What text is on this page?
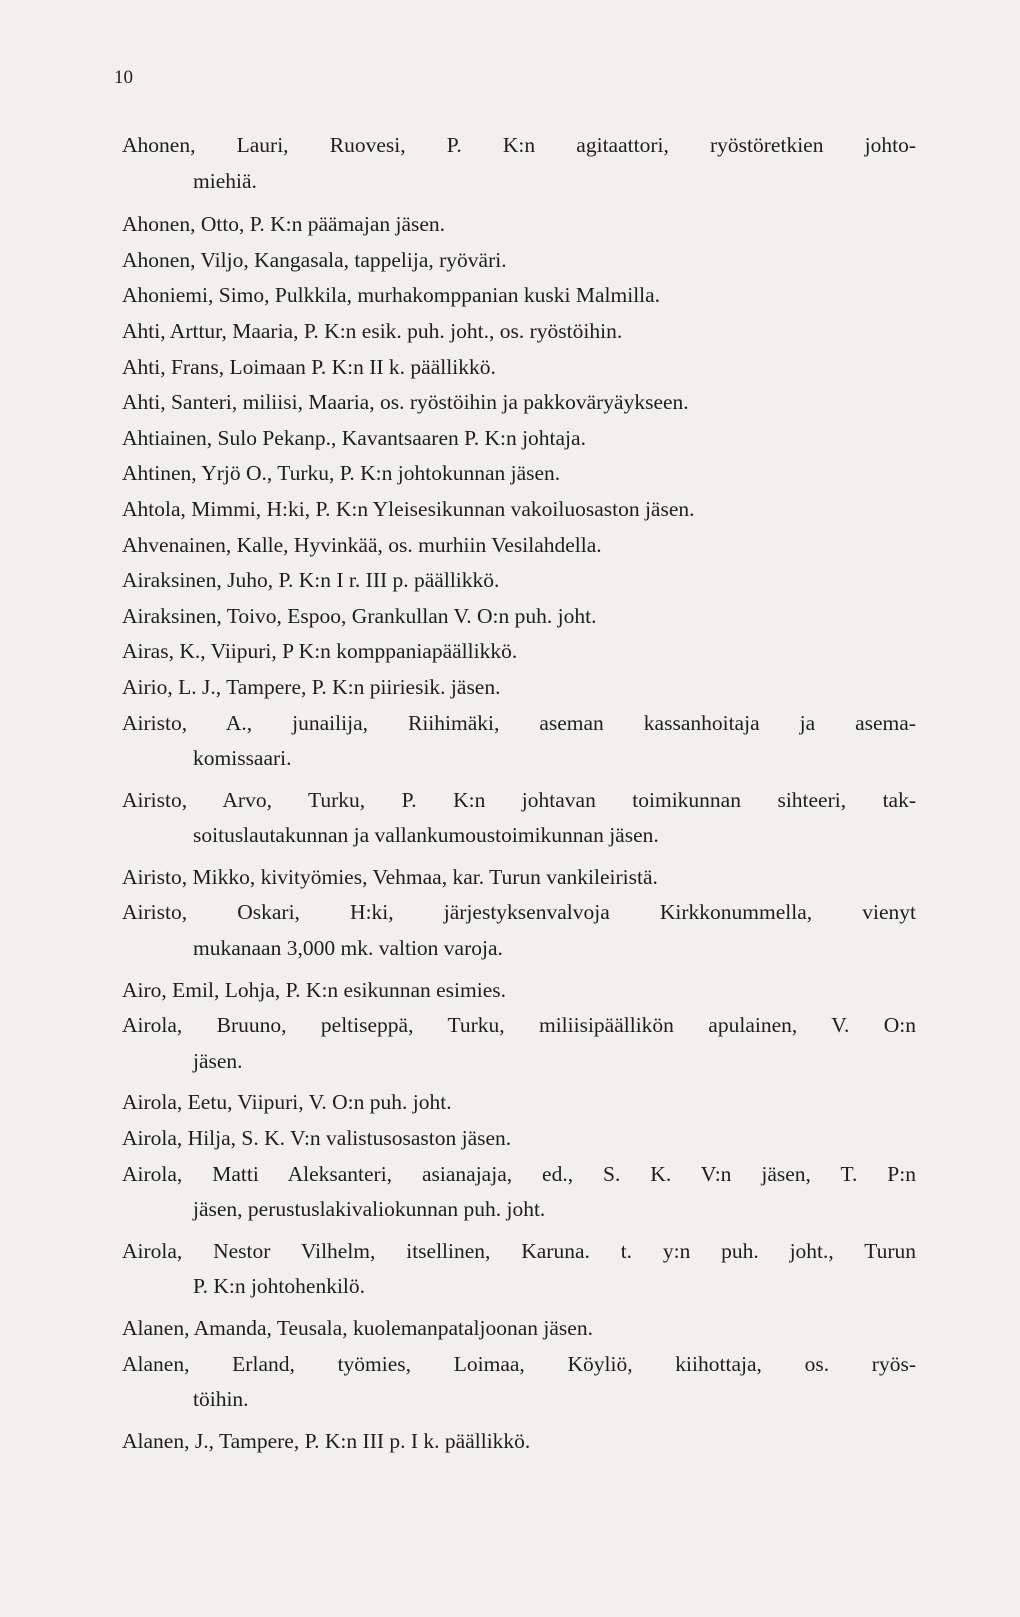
10
Ahonen, Lauri, Ruovesi, P. K:n agitaattori, ryöstöretkien johto-
miehiä.
Ahonen, Otto, P. K:n päämajan jäsen.
Ahonen, Viljo, Kangasala, tappelija, ryöväri.
Ahoniemi, Simo, Pulkkila, murhakomppanian kuski Malmilla.
Ahti, Arttur, Maaria, P. K:n esik. puh. joht., os. ryöstöihin.
Ahti, Frans, Loimaan P. K:n II k. päällikkö.
Ahti, Santeri, miliisi, Maaria, os. ryöstöihin ja pakkoväryäykseen.
Ahtiainen, Sulo Pekanp., Kavantsaaren P. K:n johtaja.
Ahtinen, Yrjö O., Turku, P. K:n johtokunnan jäsen.
Ahtola, Mimmi, H:ki, P. K:n Yleisesikunnan vakoiluosaston jäsen.
Ahvenainen, Kalle, Hyvinkää, os. murhiin Vesilahdella.
Airaksinen, Juho, P. K:n I r. III p. päällikkö.
Airaksinen, Toivo, Espoo, Grankullan V. O:n puh. joht.
Airas, K., Viipuri, P K:n komppaniapäällikkö.
Airio, L. J., Tampere, P. K:n piiriesik. jäsen.
Airisto, A., junailija, Riihimäki, aseman kassanhoitaja ja asema-
komissaari.
Airisto, Arvo, Turku, P. K:n johtavan toimikunnan sihteeri, tak-
soituslautakunnan ja vallankumoustoimikunnan jäsen.
Airisto, Mikko, kivityömies, Vehmaa, kar. Turun vankileiristä.
Airisto, Oskari, H:ki, järjestyksenvalvoja Kirkkonummella, vienyt
mukanaan 3,000 mk. valtion varoja.
Airo, Emil, Lohja, P. K:n esikunnan esimies.
Airola, Bruuno, peltiseppä, Turku, miliisipäällikön apulainen, V. O:n
jäsen.
Airola, Eetu, Viipuri, V. O:n puh. joht.
Airola, Hilja, S. K. V:n valistusosaston jäsen.
Airola, Matti Aleksanteri, asianajaja, ed., S. K. V:n jäsen, T. P:n
jäsen, perustuslakivaliokunnan puh. joht.
Airola, Nestor Vilhelm, itsellinen, Karuna. t. y:n puh. joht., Turun
P. K:n johtohenkilö.
Alanen, Amanda, Teusala, kuolemanpataljoonan jäsen.
Alanen, Erland, työmies, Loimaa, Köyliö, kiihottaja, os. ryös-
töihin.
Alanen, J., Tampere, P. K:n III p. I k. päällikkö.
